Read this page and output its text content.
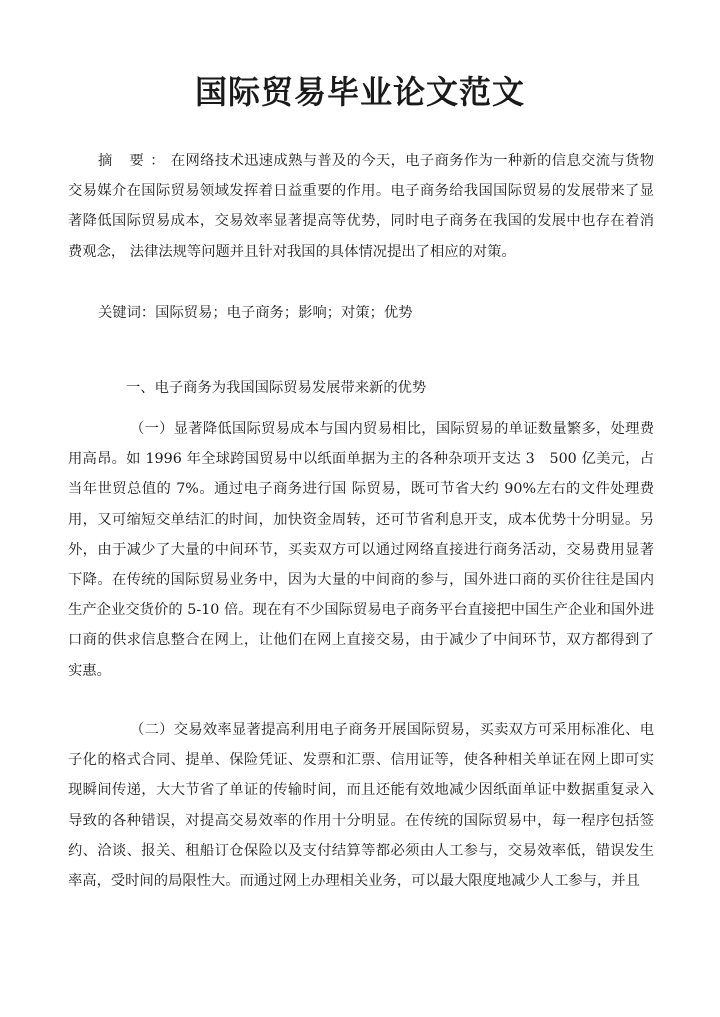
国际贸易毕业论文范文

摘 要：在网络技术迅速成熟与普及的今天，电子商务作为一种新的信息交流与货物交易媒介在国际贸易领域发挥着日益重要的作用。电子商务给我国国际贸易的发展带来了显著降低国际贸易成本，交易效率显著提高等优势，同时电子商务在我国的发展中也存在着消费观念， 法律法规等问题并且针对我国的具体情况提出了相应的对策。

关键词：国际贸易；电子商务；影响；对策；优势

一、电子商务为我国国际贸易发展带来新的优势

（一）显著降低国际贸易成本与国内贸易相比，国际贸易的单证数量繁多，处理费用高昂。如 1996 年全球跨国贸易中以纸面单据为主的各种杂项开支达 3　500 亿美元，占当年世贸总值的 7%。通过电子商务进行国 际贸易，既可节省大约 90%左右的文件处理费用，又可缩短交单结汇的时间，加快资金周转，还可节省利息开支，成本优势十分明显。另外，由于减少了大量的中间环节，买卖双方可以通过网络直接进行商务活动，交易费用显著下降。在传统的国际贸易业务中，因为大量的中间商的参与，国外进口商的买价往往是国内生产企业交货价的 5-10 倍。现在有不少国际贸易电子商务平台直接把中国生产企业和国外进口商的供求信息整合在网上，让他们在网上直接交易，由于减少了中间环节，双方都得到了实惠。

（二）交易效率显著提高利用电子商务开展国际贸易，买卖双方可采用标准化、电子化的格式合同、提单、保险凭证、发票和汇票、信用证等，使各种相关单证在网上即可实现瞬间传递，大大节省了单证的传输时间，而且还能有效地减少因纸面单证中数据重复录入导致的各种错误，对提高交易效率的作用十分明显。在传统的国际贸易中，每一程序包括签约、洽谈、报关、租船订仓保险以及支付结算等都必须由人工参与，交易效率低，错误发生率高，受时间的局限性大。而通过网上办理相关业务，可以最大限度地减少人工参与，并且
